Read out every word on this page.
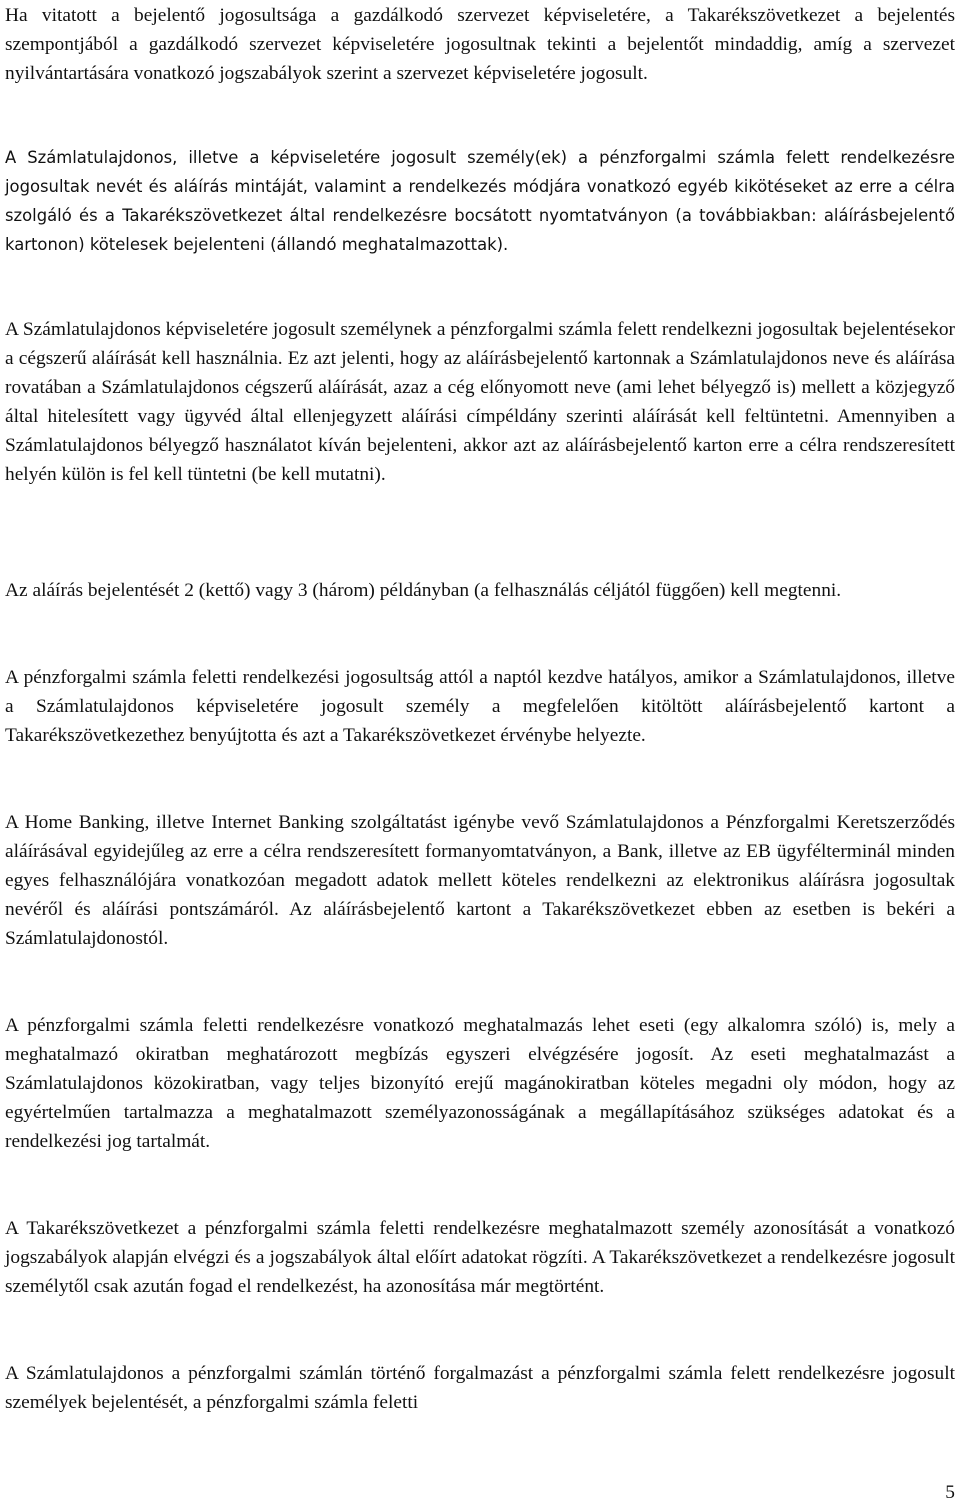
Ha vitatott a bejelentő jogosultsága a gazdálkodó szervezet képviseletére, a Takarékszövetkezet a bejelentés szempontjából a gazdálkodó szervezet képviseletére jogosultnak tekinti a bejelentőt mindaddig, amíg a szervezet nyilvántartására vonatkozó jogszabályok szerint a szervezet képviseletére jogosult.

A Számlatulajdonos, illetve a képviseletére jogosult személy(ek) a pénzforgalmi számla felett rendelkezésre jogosultak nevét és aláírás mintáját, valamint a rendelkezés módjára vonatkozó egyéb kikötéseket az erre a célra szolgáló és a Takarékszövetkezet által rendelkezésre bocsátott nyomtatványon (a továbbiakban: aláírásbejelentő kartonon) kötelesek bejelenteni (állandó meghatalmazottak).

A Számlatulajdonos képviseletére jogosult személynek a pénzforgalmi számla felett rendelkezni jogosultak bejelentésekor a cégszerű aláírását kell használnia. Ez azt jelenti, hogy az aláírásbejelentő kartonnak a Számlatulajdonos neve és aláírása rovatában a Számlatulajdonos cégszerű aláírását, azaz a cég előnyomott neve (ami lehet bélyegző is) mellett a közjegyző által hitelesített vagy ügyvéd által ellenjegyzett aláírási címpéldány szerinti aláírását kell feltüntetni. Amennyiben a Számlatulajdonos bélyegző használatot kíván bejelenteni, akkor azt az aláírásbejelentő karton erre a célra rendszeresített helyén külön is fel kell tüntetni (be kell mutatni).

Az aláírás bejelentését 2 (kettő) vagy 3 (három) példányban (a felhasználás céljától függően) kell megtenni.

A pénzforgalmi számla feletti rendelkezési jogosultság attól a naptól kezdve hatályos, amikor a Számlatulajdonos, illetve a Számlatulajdonos képviseletére jogosult személy a megfelelően kitöltött aláírásbejelentő kartont a Takarékszövetkezethez benyújtotta és azt a Takarékszövetkezet érvénybe helyezte.

A Home Banking, illetve Internet Banking szolgáltatást igénybe vevő Számlatulajdonos a Pénzforgalmi Keretszerződés aláírásával egyidejűleg az erre a célra rendszeresített formanyomtatványon, a Bank, illetve az EB ügyfélterminál minden egyes felhasználójára vonatkozóan megadott adatok mellett köteles rendelkezni az elektronikus aláírásra jogosultak nevéről és aláírási pontszámáról. Az aláírásbejelentő kartont a Takarékszövetkezet ebben az esetben is bekéri a Számlatulajdonostól.

A pénzforgalmi számla feletti rendelkezésre vonatkozó meghatalmazás lehet eseti (egy alkalomra szóló) is, mely a meghatalmazó okiratban meghatározott megbízás egyszeri elvégzésére jogosít. Az eseti meghatalmazást a Számlatulajdonos közokiratban, vagy teljes bizonyító erejű magánokiratban köteles megadni oly módon, hogy az egyértelműen tartalmazza a meghatalmazott személyazonosságának a megállapításához szükséges adatokat és a rendelkezési jog tartalmát.

A Takarékszövetkezet a pénzforgalmi számla feletti rendelkezésre meghatalmazott személy azonosítását a vonatkozó jogszabályok alapján elvégzi és a jogszabályok által előírt adatokat rögzíti. A Takarékszövetkezet a rendelkezésre jogosult személytől csak azután fogad el rendelkezést, ha azonosítása már megtörtént.

A Számlatulajdonos a pénzforgalmi számlán történő forgalmazást a pénzforgalmi számla felett rendelkezésre jogosult személyek bejelentését, a pénzforgalmi számla feletti

5
